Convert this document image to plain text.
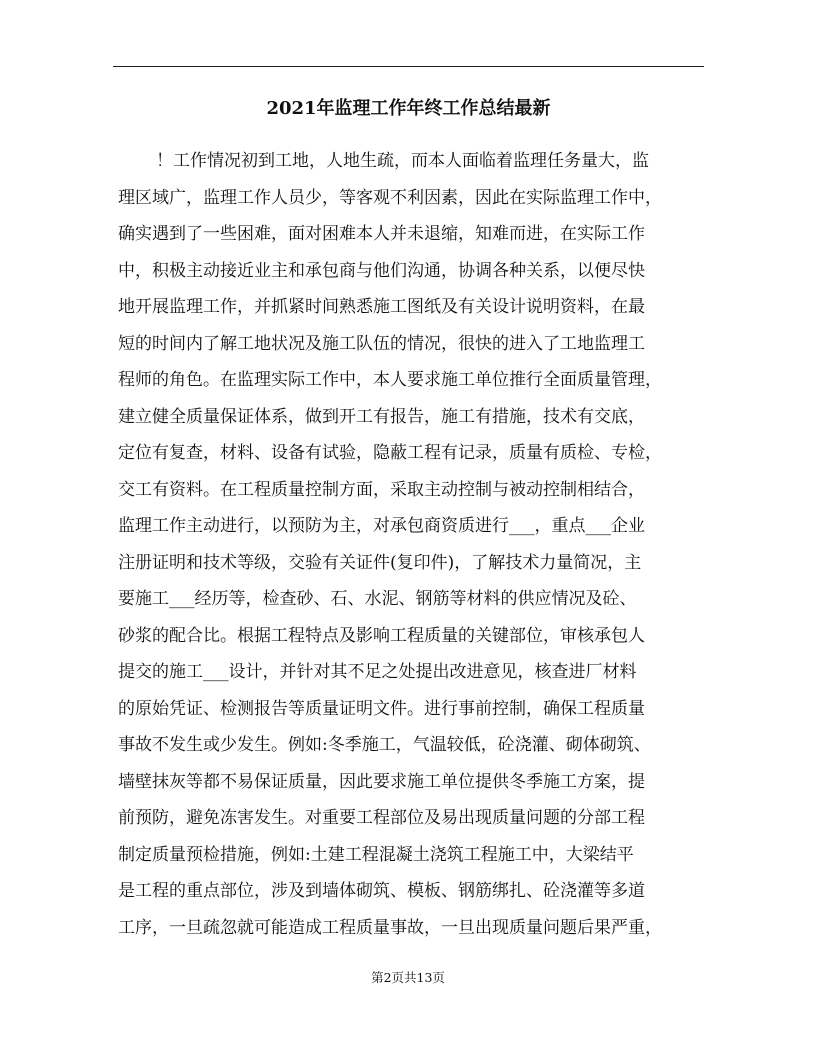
2021年监理工作年终工作总结最新
！工作情况初到工地，人地生疏，而本人面临着监理任务量大，监
理区域广，监理工作人员少，等客观不利因素，因此在实际监理工作中，
确实遇到了一些困难，面对困难本人并未退缩，知难而进，在实际工作
中，积极主动接近业主和承包商与他们沟通，协调各种关系，以便尽快
地开展监理工作，并抓紧时间熟悉施工图纸及有关设计说明资料，在最
短的时间内了解工地状况及施工队伍的情况，很快的进入了工地监理工
程师的角色。在监理实际工作中，本人要求施工单位推行全面质量管理，
建立健全质量保证体系，做到开工有报告，施工有措施，技术有交底，
定位有复查，材料、设备有试验，隐蔽工程有记录，质量有质检、专检，
交工有资料。在工程质量控制方面，采取主动控制与被动控制相结合，
监理工作主动进行，以预防为主，对承包商资质进行___，重点___企业
注册证明和技术等级，交验有关证件(复印件)，了解技术力量简况，主
要施工___经历等，检查砂、石、水泥、钢筋等材料的供应情况及砼、
砂浆的配合比。根据工程特点及影响工程质量的关键部位，审核承包人
提交的施工___设计，并针对其不足之处提出改进意见，核查进厂材料
的原始凭证、检测报告等质量证明文件。进行事前控制，确保工程质量
事故不发生或少发生。例如:冬季施工，气温较低，砼浇灌、砌体砌筑、
墙壁抹灰等都不易保证质量，因此要求施工单位提供冬季施工方案，提
前预防，避免冻害发生。对重要工程部位及易出现质量问题的分部工程
制定质量预检措施，例如:土建工程混凝土浇筑工程施工中，大梁结平
是工程的重点部位，涉及到墙体砌筑、模板、钢筋绑扎、砼浇灌等多道
工序，一旦疏忽就可能造成工程质量事故，一旦出现质量问题后果严重，
第2页共13页
